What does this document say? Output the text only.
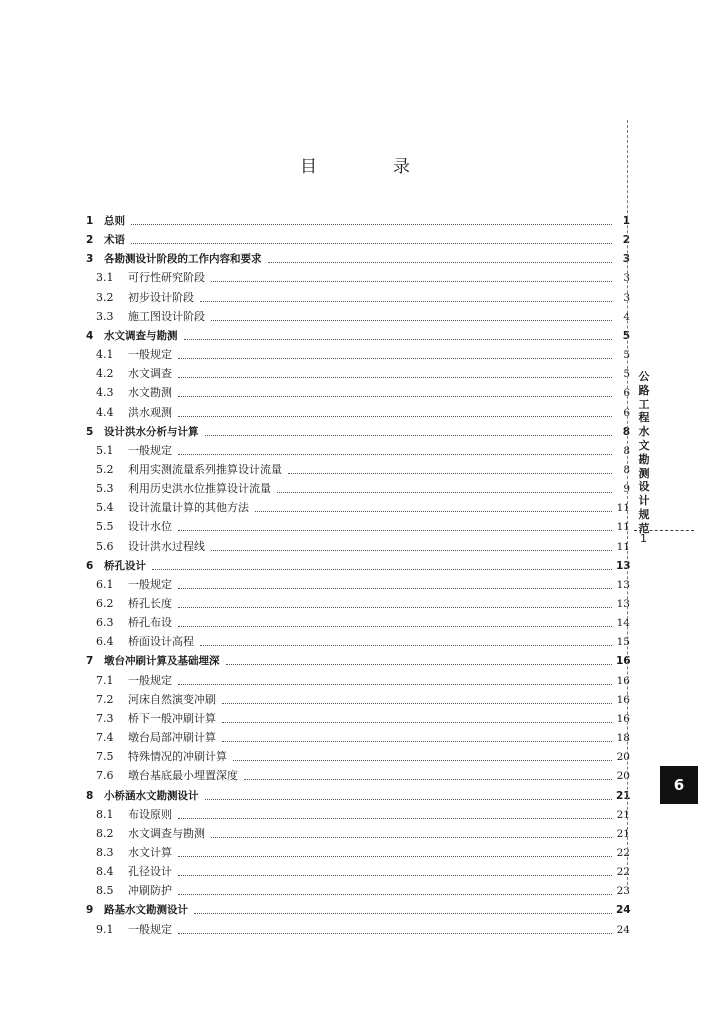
目	录
1	总则	1
2	术语	2
3	各勘测设计阶段的工作内容和要求	3
3.1	可行性研究阶段	3
3.2	初步设计阶段	3
3.3	施工图设计阶段	4
4	水文调查与勘测	5
4.1	一般规定	5
4.2	水文调查	5
4.3	水文勘测	6
4.4	洪水观测	6
5	设计洪水分析与计算	8
5.1	一般规定	8
5.2	利用实测流量系列推算设计流量	8
5.3	利用历史洪水位推算设计流量	9
5.4	设计流量计算的其他方法	11
5.5	设计水位	11
5.6	设计洪水过程线	11
6	桥孔设计	13
6.1	一般规定	13
6.2	桥孔长度	13
6.3	桥孔布设	14
6.4	桥面设计高程	15
7	墩台冲刷计算及基础埋深	16
7.1	一般规定	16
7.2	河床自然演变冲刷	16
7.3	桥下一般冲刷计算	16
7.4	墩台局部冲刷计算	18
7.5	特殊情况的冲刷计算	20
7.6	墩台基底最小埋置深度	20
8	小桥涵水文勘测设计	21
8.1	布设原则	21
8.2	水文调查与勘测	21
8.3	水文计算	22
8.4	孔径设计	22
8.5	冲刷防护	23
9	路基水文勘测设计	24
9.1	一般规定	24
公路工程水文勘测设计规范
1
6
